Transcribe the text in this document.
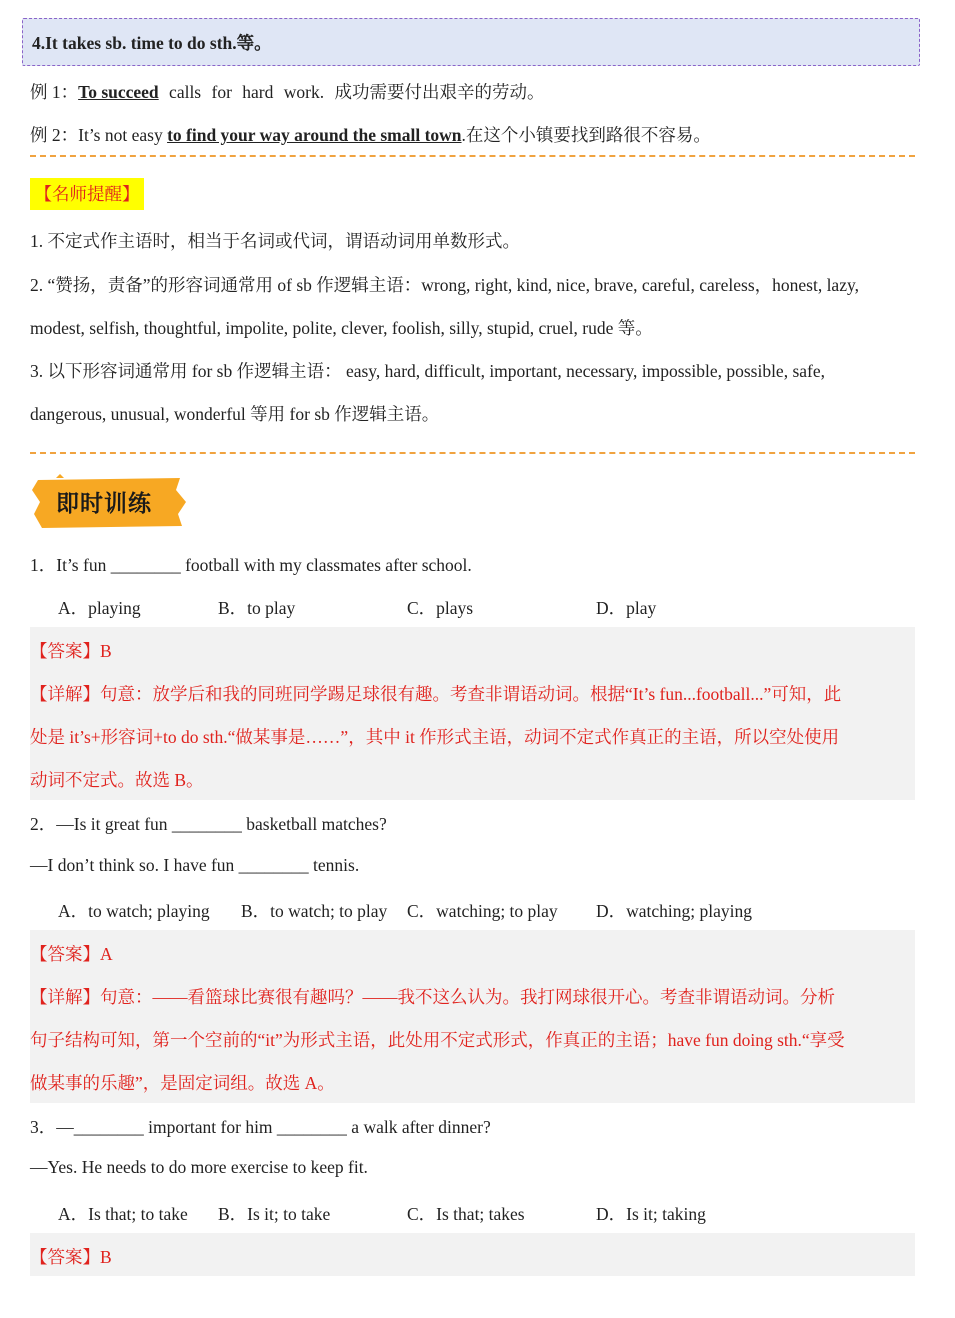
4.It takes sb. time to do sth.等。
例 1：To succeed calls for hard work. 成功需要付出艰辛的劳动。
例 2：It’s not easy to find your way around the small town.在这个小镇要找到路很不容易。
【名师提醒】
1. 不定式作主语时，相当于名词或代词，谓语动词用单数形式。
2. “赞扬，责备”的形容词通常用 of sb 作逻辑主语：wrong, right, kind, nice, brave, careful, careless，honest, lazy,
modest, selfish, thoughtful, impolite, polite, clever, foolish, silly, stupid, cruel, rude 等。
3. 以下形容词通常用 for sb 作逻辑主语： easy, hard, difficult, important, necessary, impossible, possible, safe,
dangerous, unusual, wonderful 等用 for sb 作逻辑主语。
即时训练
1．It’s fun ________ football with my classmates after school.
A．playing	B．to play	C．plays	D．play
【答案】B
【详解】句意：放学后和我的同班同学踢足球很有趣。考查非谓语动词。根据“It’s fun...football...”可知，此
处是 it’s+形容词+to do sth.“做某事是……”，其中 it 作形式主语，动词不定式作真正的主语，所以空处使用
动词不定式。故选 B。
2．—Is it great fun ________ basketball matches?
—I don’t think so. I have fun ________ tennis.
A．to watch; playing B．to watch; to play C．watching; to play D．watching; playing
【答案】A
【详解】句意：——看篮球比赛很有趣吗？——我不这么认为。我打网球很开心。考查非谓语动词。分析
句子结构可知，第一个空前的“it”为形式主语，此处用不定式形式，作真正的主语；have fun doing sth.“享受
做某事的乐趣”，是固定词组。故选 A。
3．—________ important for him ________ a walk after dinner?
—Yes. He needs to do more exercise to keep fit.
A．Is that; to take B．Is it; to take	C．Is that; takes	D．Is it; taking
【答案】B
